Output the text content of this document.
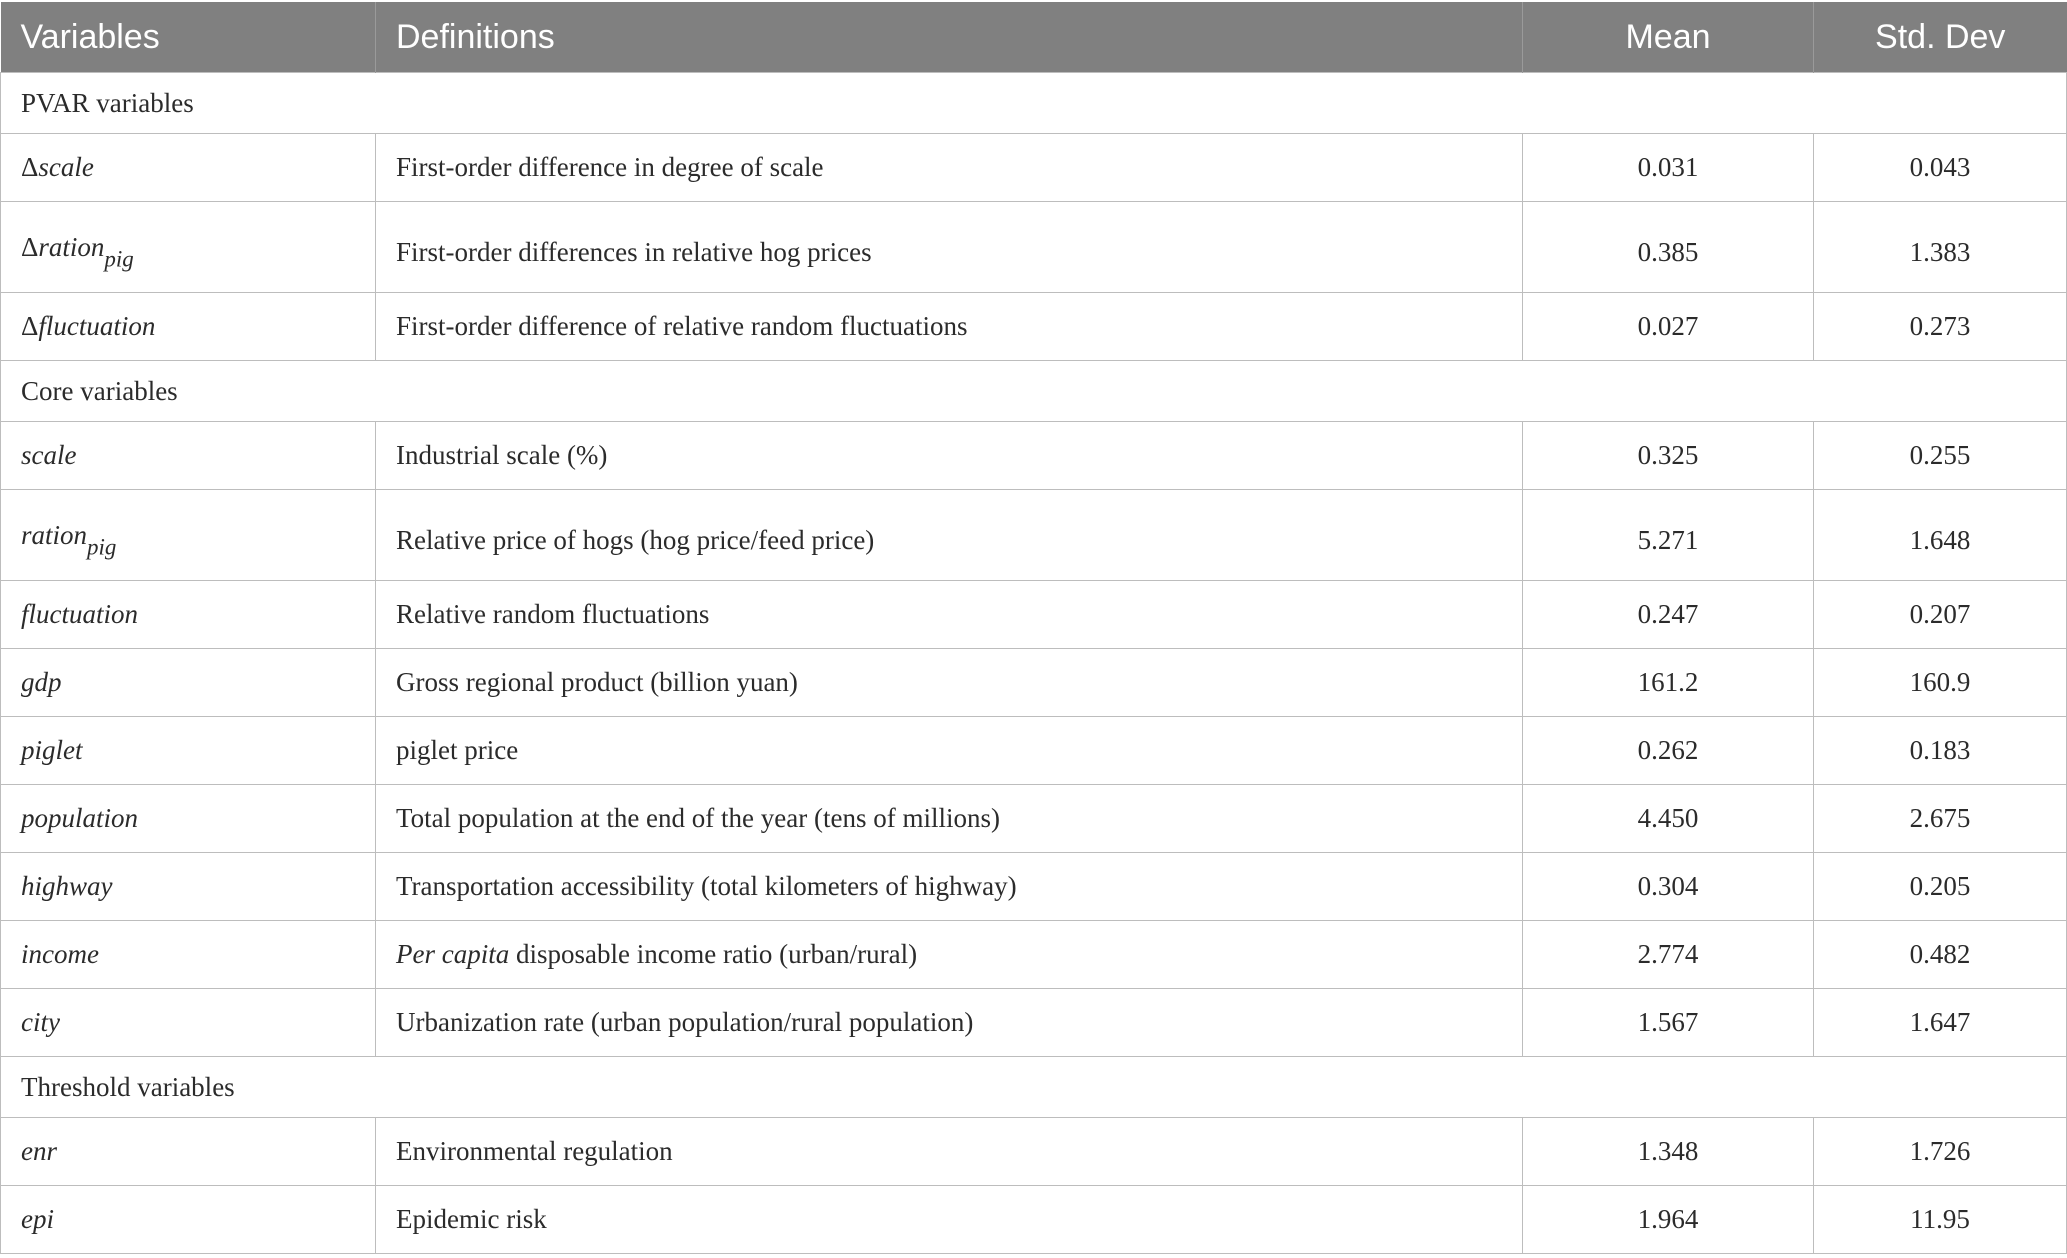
Variables	Definitions	Mean	Std. Dev
PVAR variables			
Δscale	First-order difference in degree of scale	0.031	0.043
Δration$_{pig}$	First-order differences in relative hog prices	0.385	1.383
Δfluctuation	First-order difference of relative random fluctuations	0.027	0.273
Core variables			
scale	Industrial scale (%)	0.325	0.255
ration$_{pig}$	Relative price of hogs (hog price/feed price)	5.271	1.648
fluctuation	Relative random fluctuations	0.247	0.207
gdp	Gross regional product (billion yuan)	161.2	160.9
piglet	piglet price	0.262	0.183
population	Total population at the end of the year (tens of millions)	4.450	2.675
highway	Transportation accessibility (total kilometers of highway)	0.304	0.205
income	Per capita disposable income ratio (urban/rural)	2.774	0.482
city	Urbanization rate (urban population/rural population)	1.567	1.647
Threshold variables			
enr	Environmental regulation	1.348	1.726
epi	Epidemic risk	1.964	11.95
